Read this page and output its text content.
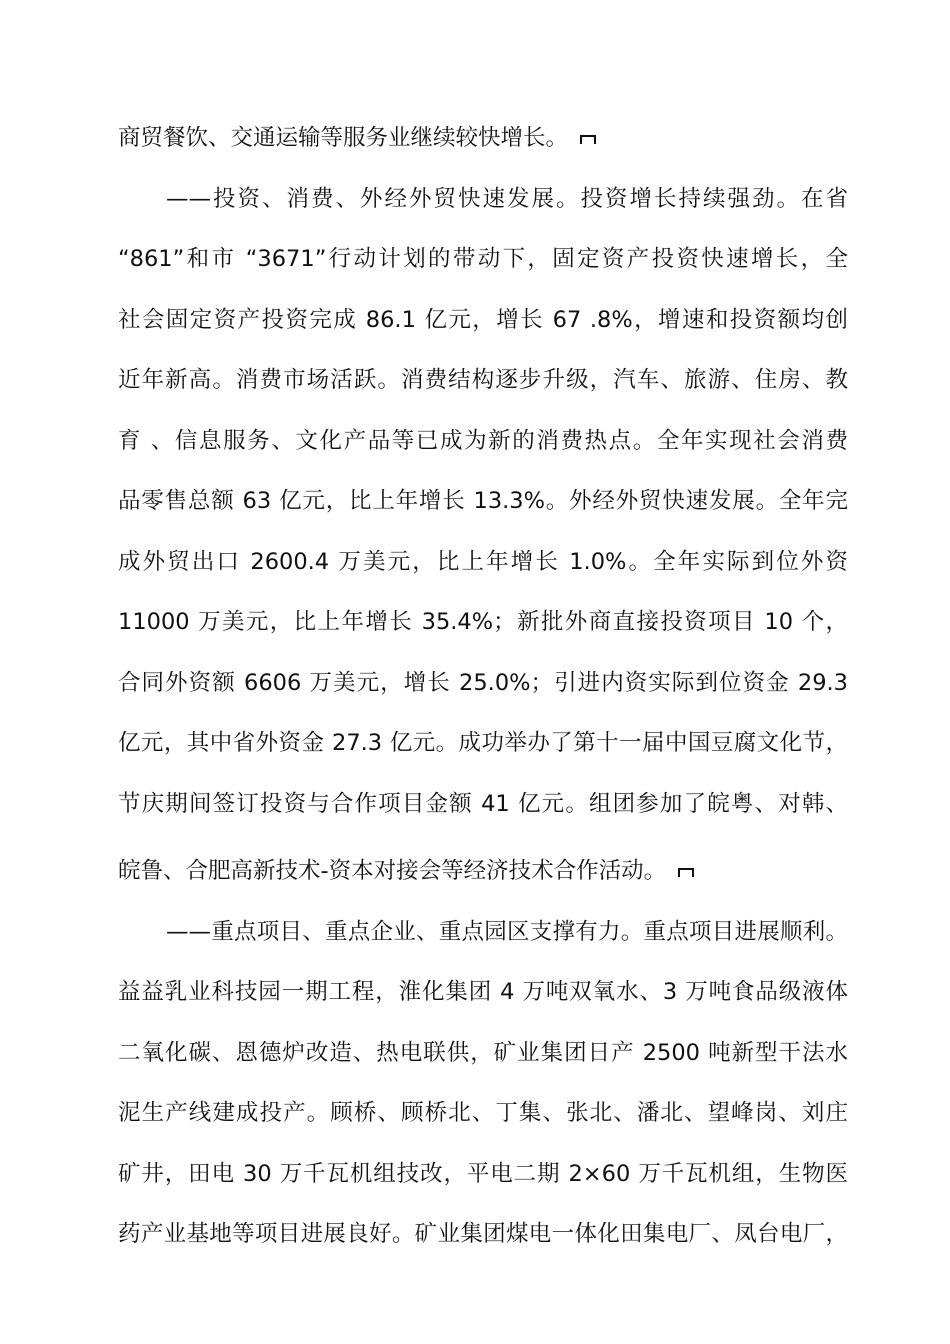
商贸餐饮、交通运输等服务业继续较快增长。
——投资、消费、外经外贸快速发展。投资增长持续强劲。在省
“861”和市 “3671”行动计划的带动下，固定资产投资快速增长，全
社会固定资产投资完成 86.1 亿元，增长 67 .8%，增速和投资额均创
近年新高。消费市场活跃。消费结构逐步升级，汽车、旅游、住房、教
育 、信息服务、文化产品等已成为新的消费热点。全年实现社会消费
品零售总额 63 亿元，比上年增长 13.3%。外经外贸快速发展。全年完
成外贸出口 2600.4 万美元，比上年增长 1.0%。全年实际到位外资
11000 万美元，比上年增长 35.4%；新批外商直接投资项目 10 个，
合同外资额 6606 万美元，增长 25.0%；引进内资实际到位资金 29.3
亿元，其中省外资金 27.3 亿元。成功举办了第十一届中国豆腐文化节，
节庆期间签订投资与合作项目金额 41 亿元。组团参加了皖粤、对韩、
皖鲁、合肥高新技术-资本对接会等经济技术合作活动。
——重点项目、重点企业、重点园区支撑有力。重点项目进展顺利。
益益乳业科技园一期工程，淮化集团 4 万吨双氧水、3 万吨食品级液体
二氧化碳、恩德炉改造、热电联供，矿业集团日产 2500 吨新型干法水
泥生产线建成投产。顾桥、顾桥北、丁集、张北、潘北、望峰岗、刘庄
矿井，田电 30 万千瓦机组技改，平电二期 2×60 万千瓦机组，生物医
药产业基地等项目进展良好。矿业集团煤电一体化田集电厂、凤台电厂，
